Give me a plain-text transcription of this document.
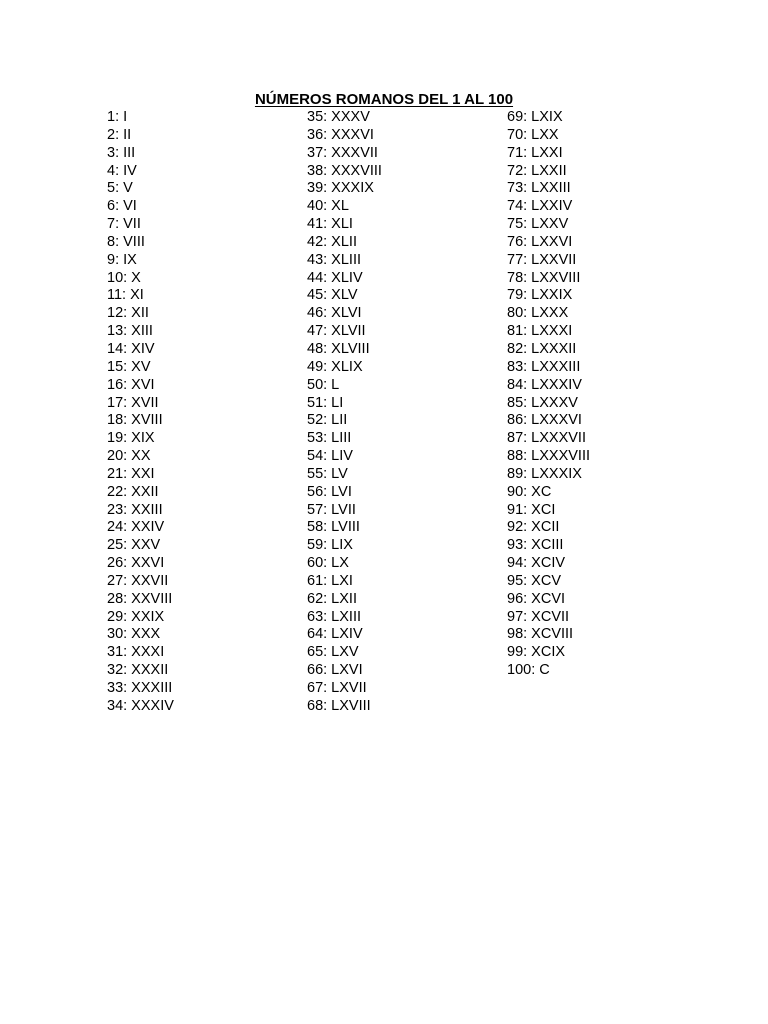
NÚMEROS ROMANOS DEL 1 AL 100
1: I
2: II
3: III
4: IV
5: V
6: VI
7: VII
8: VIII
9: IX
10: X
11: XI
12: XII
13: XIII
14: XIV
15: XV
16: XVI
17: XVII
18: XVIII
19: XIX
20: XX
21: XXI
22: XXII
23: XXIII
24: XXIV
25: XXV
26: XXVI
27: XXVII
28: XXVIII
29: XXIX
30: XXX
31: XXXI
32: XXXII
33: XXXIII
34: XXXIV
35: XXXV
36: XXXVI
37: XXXVII
38: XXXVIII
39: XXXIX
40: XL
41: XLI
42: XLII
43: XLIII
44: XLIV
45: XLV
46: XLVI
47: XLVII
48: XLVIII
49: XLIX
50: L
51: LI
52: LII
53: LIII
54: LIV
55: LV
56: LVI
57: LVII
58: LVIII
59: LIX
60: LX
61: LXI
62: LXII
63: LXIII
64: LXIV
65: LXV
66: LXVI
67: LXVII
68: LXVIII
69: LXIX
70: LXX
71: LXXI
72: LXXII
73: LXXIII
74: LXXIV
75: LXXV
76: LXXVI
77: LXXVII
78: LXXVIII
79: LXXIX
80: LXXX
81: LXXXI
82: LXXXII
83: LXXXIII
84: LXXXIV
85: LXXXV
86: LXXXVI
87: LXXXVII
88: LXXXVIII
89: LXXXIX
90: XC
91: XCI
92: XCII
93: XCIII
94: XCIV
95: XCV
96: XCVI
97: XCVII
98: XCVIII
99: XCIX
100: C
